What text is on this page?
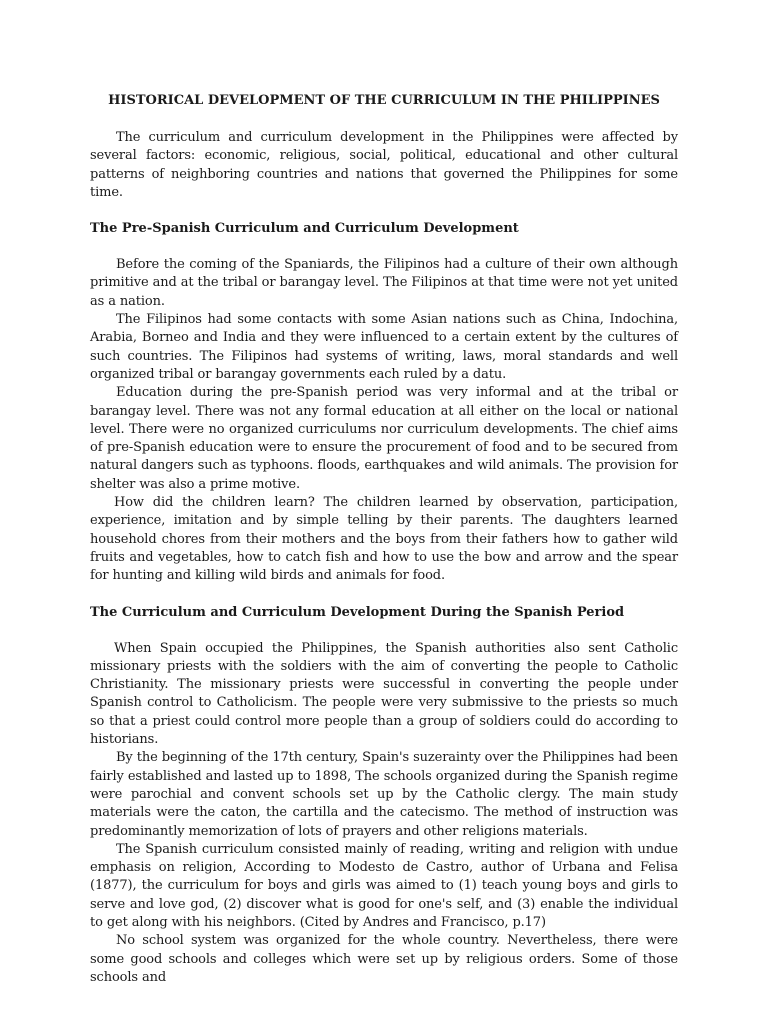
HISTORICAL DEVELOPMENT OF THE CURRICULUM IN THE PHILIPPINES

The curriculum and curriculum development in the Philippines were affected by several factors: economic, religious, social, political, educational and other cultural patterns of neighboring countries and nations that governed the Philippines for some time.

The Pre-Spanish Curriculum and Curriculum Development

Before the coming of the Spaniards, the Filipinos had a culture of their own although primitive and at the tribal or barangay level. The Filipinos at that time were not yet united as a nation.

The Filipinos had some contacts with some Asian nations such as China, Indochina, Arabia, Borneo and India and they were influenced to a certain extent by the cultures of such countries. The Filipinos had systems of writing, laws, moral standards and well organized tribal or barangay governments each ruled by a datu.

Education during the pre-Spanish period was very informal and at the tribal or barangay level. There was not any formal education at all either on the local or national level. There were no organized curriculums nor curriculum developments. The chief aims of pre-Spanish education were to ensure the procurement of food and to be secured from natural dangers such as typhoons. floods, earthquakes and wild animals. The provision for shelter was also a prime motive.

How did the children learn? The children learned by observation, participation, experience, imitation and by simple telling by their parents. The daughters learned household chores from their mothers and the boys from their fathers how to gather wild fruits and vegetables, how to catch fish and how to use the bow and arrow and the spear for hunting and killing wild birds and animals for food.

The Curriculum and Curriculum Development During the Spanish Period

When Spain occupied the Philippines, the Spanish authorities also sent Catholic missionary priests with the soldiers with the aim of converting the people to Catholic Christianity. The missionary priests were successful in converting the people under Spanish control to Catholicism. The people were very submissive to the priests so much so that a priest could control more people than a group of soldiers could do according to historians.

By the beginning of the 17th century, Spain's suzerainty over the Philippines had been fairly established and lasted up to 1898, The schools organized during the Spanish regime were parochial and convent schools set up by the Catholic clergy. The main study materials were the caton, the cartilla and the catecismo. The method of instruction was predominantly memorization of lots of prayers and other religions materials.

The Spanish curriculum consisted mainly of reading, writing and religion with undue emphasis on religion, According to Modesto de Castro, author of Urbana and Felisa (1877), the curriculum for boys and girls was aimed to (1) teach young boys and girls to serve and love god, (2) discover what is good for one's self, and (3) enable the individual to get along with his neighbors. (Cited by Andres and Francisco, p.17)

No school system was organized for the whole country. Nevertheless, there were some good schools and colleges which were set up by religious orders. Some of those schools and
